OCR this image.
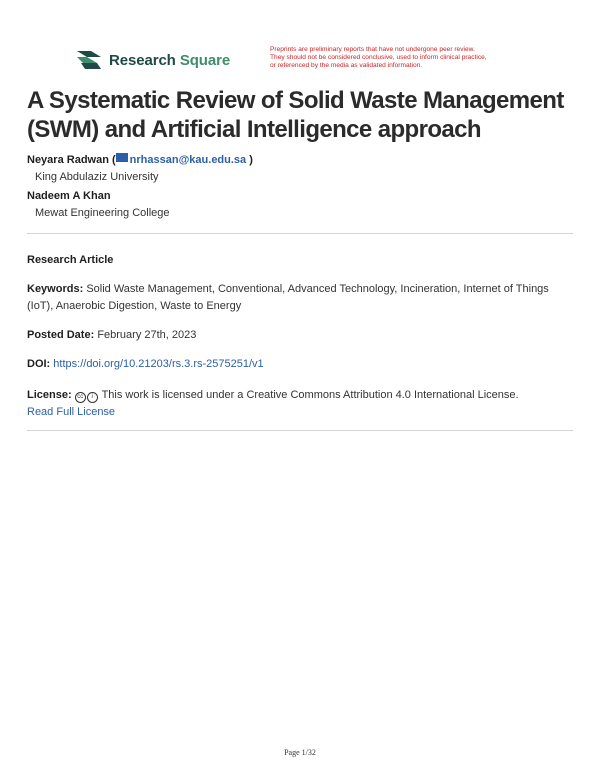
Research Square
Preprints are preliminary reports that have not undergone peer review.
They should not be considered conclusive, used to inform clinical practice,
or referenced by the media as validated information.
A Systematic Review of Solid Waste Management (SWM) and Artificial Intelligence approach
Neyara Radwan ( nrhassan@kau.edu.sa )
King Abdulaziz University
Nadeem A Khan
Mewat Engineering College
Research Article
Keywords: Solid Waste Management, Conventional, Advanced Technology, Incineration, Internet of Things (IoT), Anaerobic Digestion, Waste to Energy
Posted Date: February 27th, 2023
DOI: https://doi.org/10.21203/rs.3.rs-2575251/v1
License: cc i This work is licensed under a Creative Commons Attribution 4.0 International License.
Read Full License
Page 1/32
